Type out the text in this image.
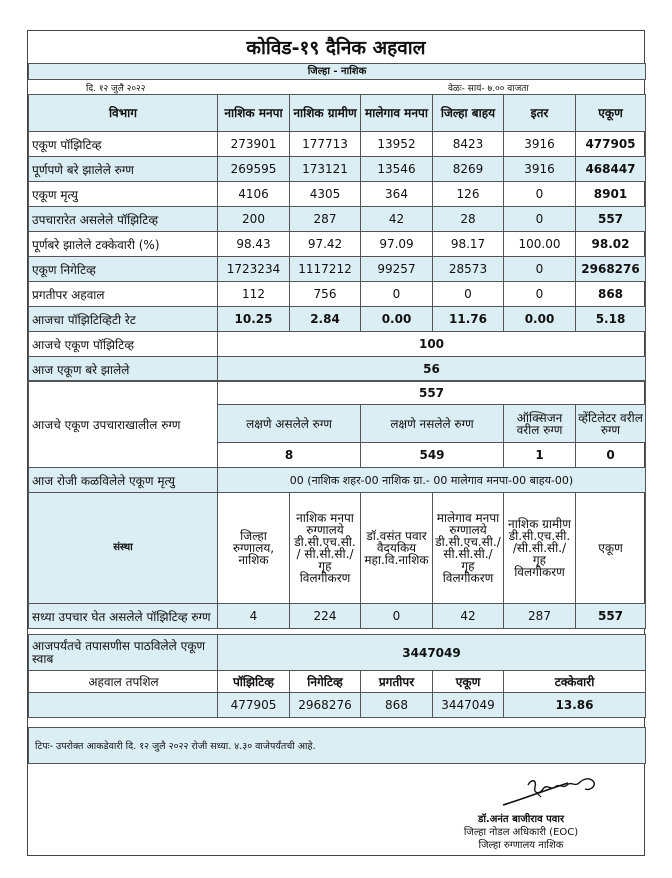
कोविड-१९ दैनिक अहवाल
जिल्हा - नाशिक
दि. १२ जुलै २०२२	वेळः- सायं- ७.०० वाजता
विभाग	नाशिक मनपा	नाशिक ग्रामीण	मालेगाव मनपा	जिल्हा बाहय	इतर	एकूण
एकूण पॉझिटिव्ह	273901	177713	13952	8423	3916	477905
पूर्णपणे बरे झालेले रुग्ण	269595	173121	13546	8269	3916	468447
एकूण मृत्यु	4106	4305	364	126	0	8901
उपचारारेत असलेले पॉझिटिव्ह	200	287	42	28	0	557
पूर्णबरे झालेले टक्केवारी (%)	98.43	97.42	97.09	98.17	100.00	98.02
एकूण निगेटिव्ह	1723234	1117212	99257	28573	0	2968276
प्रगतीपर अहवाल	112	756	0	0	0	868
आजचा पॉझिटिव्हिटी रेट	10.25	2.84	0.00	11.76	0.00	5.18
आजचे एकूण पॉझिटिव्ह	100					
आज एकूण बरे झालेले	56					
आजचे एकूण उपचाराखालील रुग्ण	557			
	लक्षणे असलेले रुग्ण	लक्षणे नसलेले रुग्ण	ऑक्सिजन वरील रुग्ण	व्हेंटिलेटर वरील रुग्ण
	8	549	1	0
आज रोजी कळविलेले एकूण मृत्यु	00 (नाशिक शहर-00 नाशिक ग्रा.- 00 मालेगाव मनपा-00 बाहय-00)			
संस्था	जिल्हा रुग्णालय, नाशिक	नाशिक मनपा रुग्णालये डी.सी.एच.सी. / सी.सी.सी./ गृह विलगीकरण	डॉ.वसंत पवार वैदयकिय महा.वि.नाशिक	मालेगाव मनपा रुग्णालये डी.सी.एच.सी./ सी.सी.सी./ गृह विलगीकरण	नाशिक ग्रामीण डी.सी.एच.सी. /सी.सी.सी./ गृह विलगीकरण	एकूण
सध्या उपचार घेत असलेले पॉझिटिव्ह रुग्ण	4	224	0	42	287	557
आजपर्यंतचे तपासणीस पाठविलेले एकूण स्वाब	3447049				
अहवाल तपशिल	पॉझिटिव्ह	निगेटिव्ह	प्रगतीपर	एकूण	टक्केवारी
	477905	2968276	868	3447049	13.86
टिपः- उपरोक्त आकडेवारी दि. १२ जुलै २०२२ रोजी सध्या. ४.३० वाजेपर्यंतची आहे.
डॉ.अनंत बाजीराव पवार
जिल्हा नोडल अधिकारी (EOC)
जिल्हा रुग्णालय नाशिक
